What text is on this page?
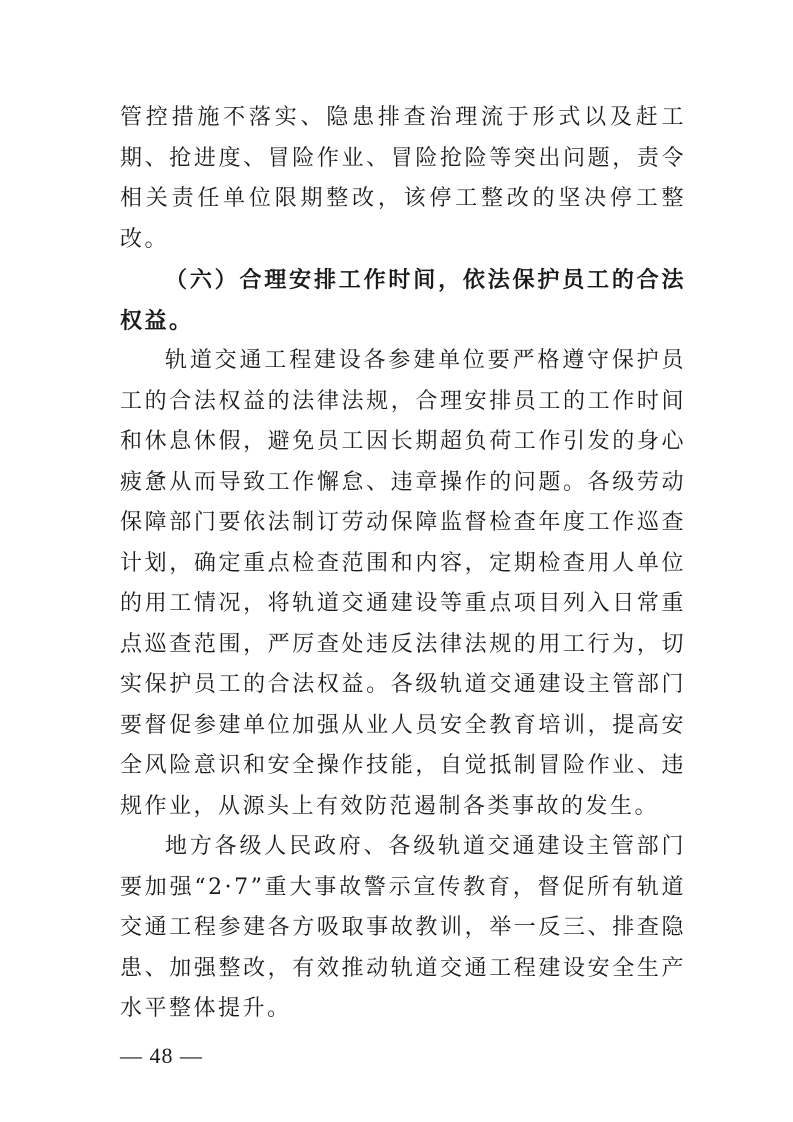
管控措施不落实、隐患排查治理流于形式以及赶工期、抢进度、冒险作业、冒险抢险等突出问题，责令相关责任单位限期整改，该停工整改的坚决停工整改。

（六）合理安排工作时间，依法保护员工的合法权益。

轨道交通工程建设各参建单位要严格遵守保护员工的合法权益的法律法规，合理安排员工的工作时间和休息休假，避免员工因长期超负荷工作引发的身心疲惫从而导致工作懈怠、违章操作的问题。各级劳动保障部门要依法制订劳动保障监督检查年度工作巡查计划，确定重点检查范围和内容，定期检查用人单位的用工情况，将轨道交通建设等重点项目列入日常重点巡查范围，严厉查处违反法律法规的用工行为，切实保护员工的合法权益。各级轨道交通建设主管部门要督促参建单位加强从业人员安全教育培训，提高安全风险意识和安全操作技能，自觉抵制冒险作业、违规作业，从源头上有效防范遏制各类事故的发生。

地方各级人民政府、各级轨道交通建设主管部门要加强“2·7”重大事故警示宣传教育，督促所有轨道交通工程参建各方吸取事故教训，举一反三、排查隐患、加强整改，有效推动轨道交通工程建设安全生产水平整体提升。

— 48 —
